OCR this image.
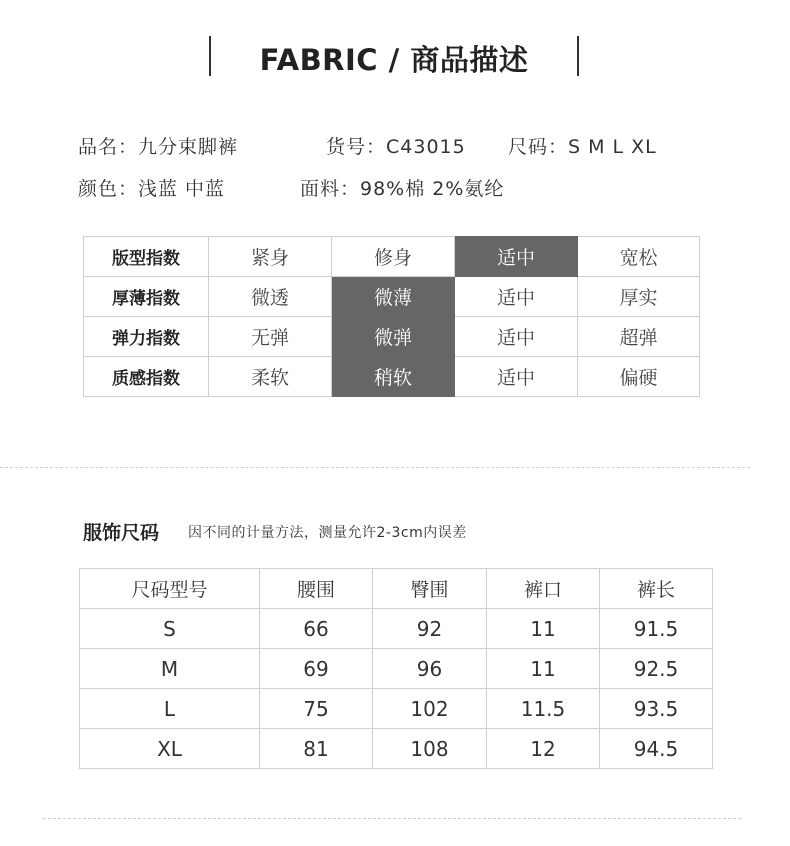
FABRIC / 商品描述
品名：九分束脚裤	货号：C43015 尺码：S M L XL
颜色：浅蓝 中蓝	面料：98%棉 2%氨纶
版型指数	紧身	修身	适中	宽松
厚薄指数	微透	微薄	适中	厚实
弹力指数	无弹	微弹	适中	超弹
质感指数	柔软	稍软	适中	偏硬
服饰尺码 因不同的计量方法，测量允许2-3cm内误差
尺码型号	腰围	臀围	裤口	裤长
S	66	92	11	91.5
M	69	96	11	92.5
L	75	102	11.5	93.5
XL	81	108	12	94.5
